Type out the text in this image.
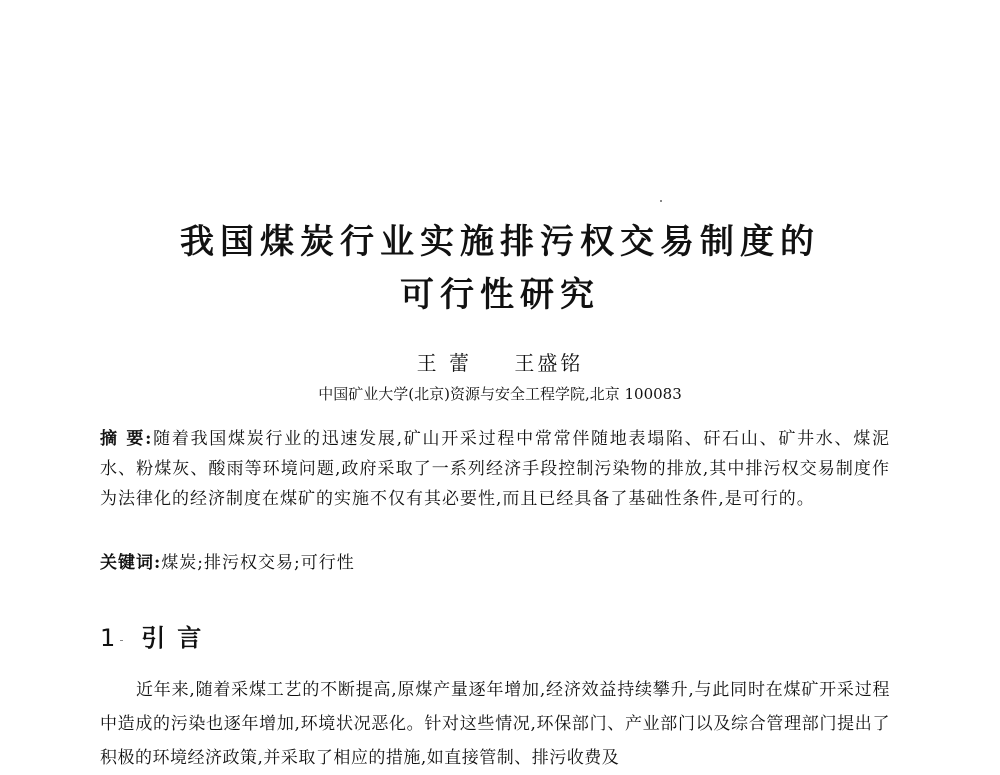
我国煤炭行业实施排污权交易制度的
可行性研究
王 蕾 王盛铭
中国矿业大学(北京)资源与安全工程学院,北京 100083
摘 要:随着我国煤炭行业的迅速发展,矿山开采过程中常常伴随地表塌陷、矸石山、矿井水、煤泥水、粉煤灰、酸雨等环境问题,政府采取了一系列经济手段控制污染物的排放,其中排污权交易制度作为法律化的经济制度在煤矿的实施不仅有其必要性,而且已经具备了基础性条件,是可行的。
关键词:煤炭;排污权交易;可行性
1 引言
近年来,随着采煤工艺的不断提高,原煤产量逐年增加,经济效益持续攀升,与此同时在煤矿开采过程中造成的污染也逐年增加,环境状况恶化。针对这些情况,环保部门、产业部门以及综合管理部门提出了积极的环境经济政策,并采取了相应的措施,如直接管制、排污收费及
